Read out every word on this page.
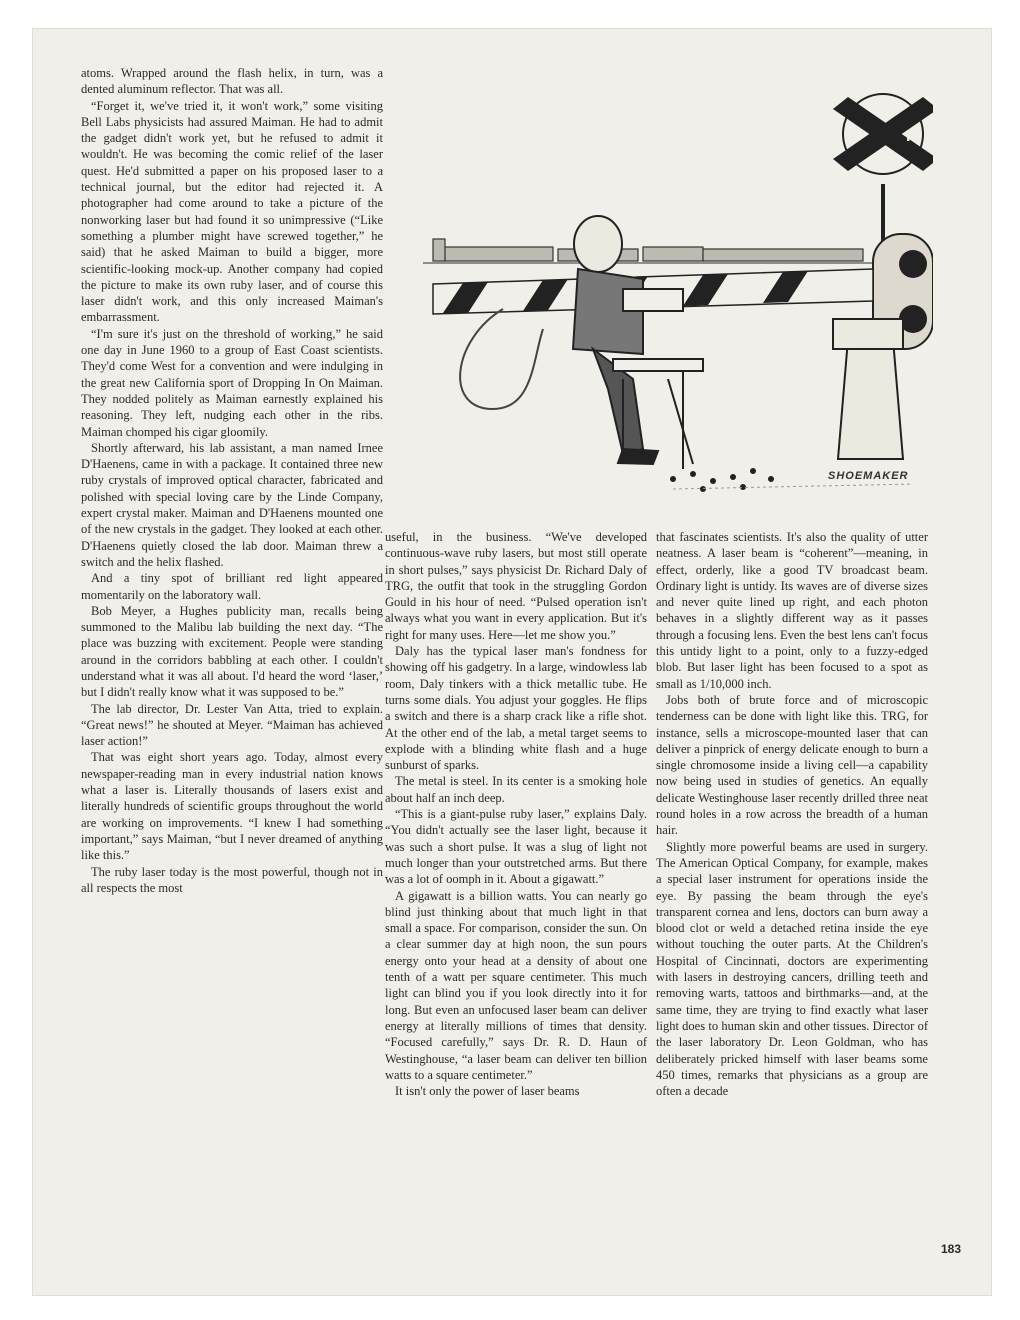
R	R
SHOEMAKER

atoms. Wrapped around the flash helix, in turn, was a dented aluminum reflector. That was all.

“Forget it, we've tried it, it won't work,” some visiting Bell Labs physicists had assured Maiman. He had to admit the gadget didn't work yet, but he refused to admit it wouldn't. He was becoming the comic relief of the laser quest. He'd submitted a paper on his proposed laser to a technical journal, but the editor had rejected it. A photographer had come around to take a picture of the nonworking laser but had found it so unimpressive (“Like something a plumber might have screwed together,” he said) that he asked Maiman to build a bigger, more scientific-looking mock-up. Another company had copied the picture to make its own ruby laser, and of course this laser didn't work, and this only increased Maiman's embarrassment.

“I'm sure it's just on the threshold of working,” he said one day in June 1960 to a group of East Coast scientists. They'd come West for a convention and were indulging in the great new California sport of Dropping In On Maiman. They nodded politely as Maiman earnestly explained his reasoning. They left, nudging each other in the ribs. Maiman chomped his cigar gloomily.

Shortly afterward, his lab assistant, a man named Irnee D'Haenens, came in with a package. It contained three new ruby crystals of improved optical character, fabricated and polished with special loving care by the Linde Company, expert crystal maker. Maiman and D'Haenens mounted one of the new crystals in the gadget. They looked at each other. D'Haenens quietly closed the lab door. Maiman threw a switch and the helix flashed.

And a tiny spot of brilliant red light appeared momentarily on the laboratory wall.

Bob Meyer, a Hughes publicity man, recalls being summoned to the Malibu lab building the next day. “The place was buzzing with excitement. People were standing around in the corridors babbling at each other. I couldn't understand what it was all about. I'd heard the word ‘laser,’ but I didn't really know what it was supposed to be.”

The lab director, Dr. Lester Van Atta, tried to explain. “Great news!” he shouted at Meyer. “Maiman has achieved laser action!”

That was eight short years ago. Today, almost every newspaper-reading man in every industrial nation knows what a laser is. Literally thousands of lasers exist and literally hundreds of scientific groups throughout the world are working on improvements. “I knew I had something important,” says Maiman, “but I never dreamed of anything like this.”

The ruby laser today is the most powerful, though not in all respects the most

useful, in the business. “We've developed continuous-wave ruby lasers, but most still operate in short pulses,” says physicist Dr. Richard Daly of TRG, the outfit that took in the struggling Gordon Gould in his hour of need. “Pulsed operation isn't always what you want in every application. But it's right for many uses. Here—let me show you.”

Daly has the typical laser man's fondness for showing off his gadgetry. In a large, windowless lab room, Daly tinkers with a thick metallic tube. He turns some dials. You adjust your goggles. He flips a switch and there is a sharp crack like a rifle shot. At the other end of the lab, a metal target seems to explode with a blinding white flash and a huge sunburst of sparks.

The metal is steel. In its center is a smoking hole about half an inch deep.

“This is a giant-pulse ruby laser,” explains Daly. “You didn't actually see the laser light, because it was such a short pulse. It was a slug of light not much longer than your outstretched arms. But there was a lot of oomph in it. About a gigawatt.”

A gigawatt is a billion watts. You can nearly go blind just thinking about that much light in that small a space. For comparison, consider the sun. On a clear summer day at high noon, the sun pours energy onto your head at a density of about one tenth of a watt per square centimeter. This much light can blind you if you look directly into it for long. But even an unfocused laser beam can deliver energy at literally millions of times that density. “Focused carefully,” says Dr. R. D. Haun of Westinghouse, “a laser beam can deliver ten billion watts to a square centimeter.”

It isn't only the power of laser beams

that fascinates scientists. It's also the quality of utter neatness. A laser beam is “coherent”—meaning, in effect, orderly, like a good TV broadcast beam. Ordinary light is untidy. Its waves are of diverse sizes and never quite lined up right, and each photon behaves in a slightly different way as it passes through a focusing lens. Even the best lens can't focus this untidy light to a point, only to a fuzzy-edged blob. But laser light has been focused to a spot as small as 1/10,000 inch.

Jobs both of brute force and of microscopic tenderness can be done with light like this. TRG, for instance, sells a microscope-mounted laser that can deliver a pinprick of energy delicate enough to burn a single chromosome inside a living cell—a capability now being used in studies of genetics. An equally delicate Westinghouse laser recently drilled three neat round holes in a row across the breadth of a human hair.

Slightly more powerful beams are used in surgery. The American Optical Company, for example, makes a special laser instrument for operations inside the eye. By passing the beam through the eye's transparent cornea and lens, doctors can burn away a blood clot or weld a detached retina inside the eye without touching the outer parts. At the Children's Hospital of Cincinnati, doctors are experimenting with lasers in destroying cancers, drilling teeth and removing warts, tattoos and birthmarks—and, at the same time, they are trying to find exactly what laser light does to human skin and other tissues. Director of the laser laboratory Dr. Leon Goldman, who has deliberately pricked himself with laser beams some 450 times, remarks that physicians as a group are often a decade

183
